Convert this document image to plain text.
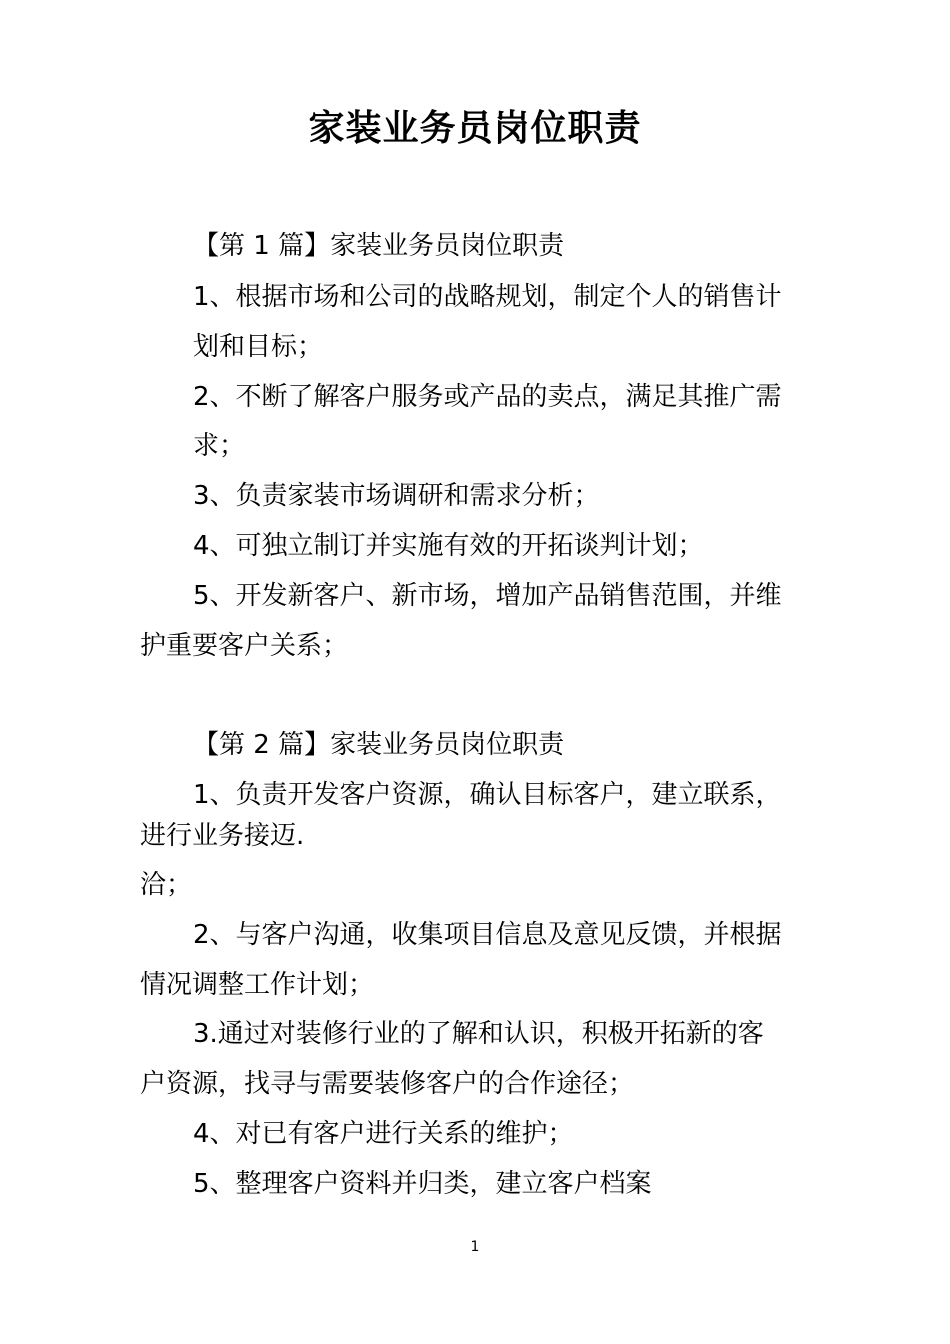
家装业务员岗位职责
【第 1 篇】家装业务员岗位职责
1、根据市场和公司的战略规划，制定个人的销售计
划和目标；
2、不断了解客户服务或产品的卖点，满足其推广需
求；
3、负责家装市场调研和需求分析；
4、可独立制订并实施有效的开拓谈判计划；
5、开发新客户、新市场，增加产品销售范围，并维
护重要客户关系；
【第 2 篇】家装业务员岗位职责
1、负责开发客户资源，确认目标客户，建立联系，
进行业务接迈.
洽；
2、与客户沟通，收集项目信息及意见反馈，并根据
情况调整工作计划；
3.通过对装修行业的了解和认识，积极开拓新的客
户资源，找寻与需要装修客户的合作途径；
4、对已有客户进行关系的维护；
5、整理客户资料并归类，建立客户档案
1
